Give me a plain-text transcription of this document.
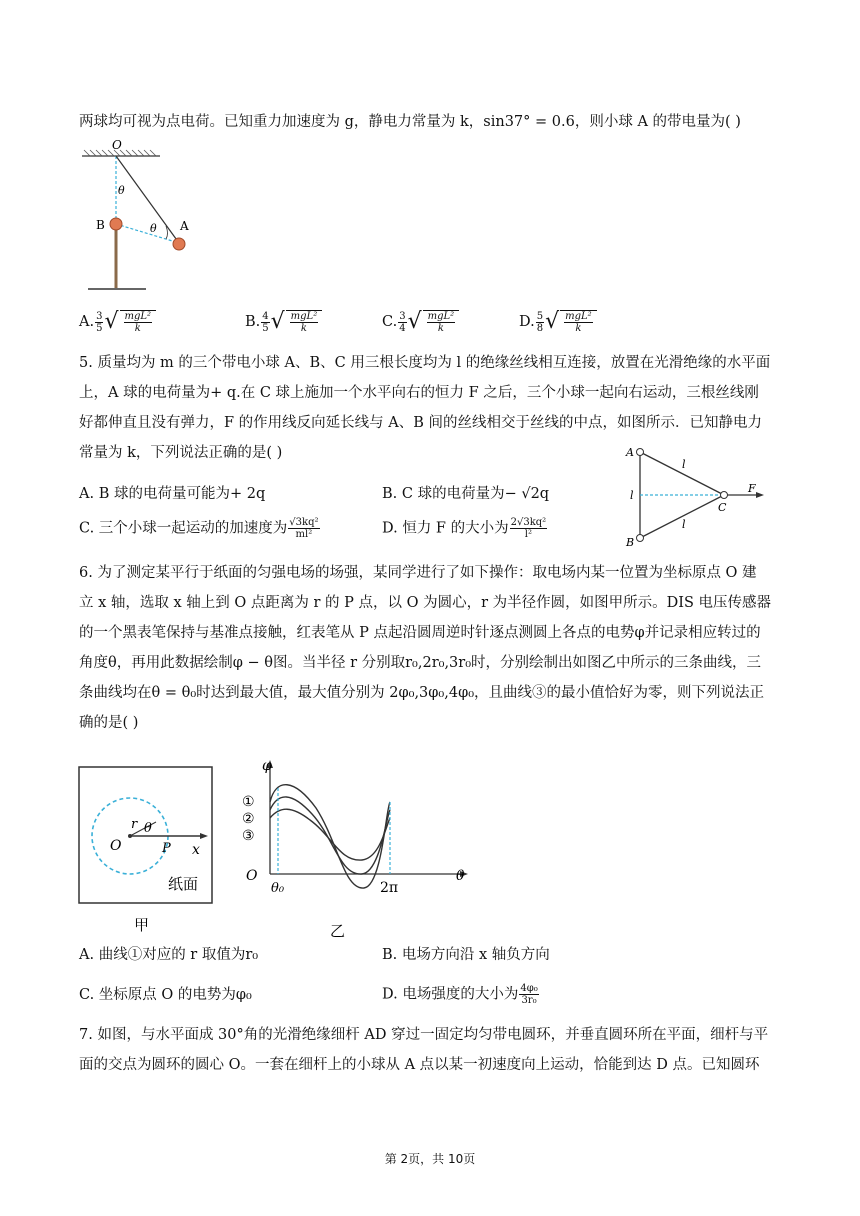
两球均可视为点电荷。已知重力加速度为 g，静电力常量为 k，sin37° = 0.6，则小球 A 的带电量为( )
O
θ
θ
B	A
A. $\frac{3}{5}$ √ $\frac{\text{mgL²}}{k}$	B. $\frac{4}{5}$ √ $\frac{\text{mgL²}}{k}$	C. $\frac{3}{4}$ √ $\frac{\text{mgL²}}{k}$	D. $\frac{5}{8}$ √ $\frac{\text{mgL²}}{k}$
5. 质量均为 m 的三个带电小球 A、B、C 用三根长度均为 l 的绝缘丝线相互连接，放置在光滑绝缘的水平面
上，A 球的电荷量为+ q.在 C 球上施加一个水平向右的恒力 F 之后，三个小球一起向右运动，三根丝线刚
好都伸直且没有弹力，F 的作用线反向延长线与 A、B 间的丝线相交于丝线的中点，如图所示．已知静电力
常量为 k，下列说法正确的是( )	A
B
C
l
l
l
F
A. B 球的电荷量可能为+ 2q	B. C 球的电荷量为− √2q
C. 三个小球一起运动的加速度为 $\frac{\text{√3kq²}}{\text{ml²}}$	D. 恒力 F 的大小为 $\frac{\text{2√3kq²}}{\text{l²}}$
6. 为了测定某平行于纸面的匀强电场的场强，某同学进行了如下操作：取电场内某一位置为坐标原点 O 建
立 x 轴，选取 x 轴上到 O 点距离为 r 的 P 点，以 O 为圆心，r 为半径作圆，如图甲所示。DIS 电压传感器
的一个黑表笔保持与基准点接触，红表笔从 P 点起沿圆周逆时针逐点测圆上各点的电势φ并记录相应转过的
角度θ，再用此数据绘制φ − θ图。当半径 r 分别取r₀,2r₀,3r₀时，分别绘制出如图乙中所示的三条曲线，三
条曲线均在θ = θ₀时达到最大值，最大值分别为 2φ₀,3φ₀,4φ₀，且曲线③的最小值恰好为零，则下列说法正
确的是( )
r θ
O	P x
纸面
甲
φ
①
②
③
O
θ₀	2π
θ
乙
A. 曲线①对应的 r 取值为r₀	B. 电场方向沿 x 轴负方向
C. 坐标原点 O 的电势为φ₀	D. 电场强度的大小为 $\frac{\text{4φ₀}}{\text{3r₀}}$
7. 如图，与水平面成 30°角的光滑绝缘细杆 AD 穿过一固定均匀带电圆环，并垂直圆环所在平面，细杆与平
面的交点为圆环的圆心 O。一套在细杆上的小球从 A 点以某一初速度向上运动，恰能到达 D 点。已知圆环
第 2页，共 10页
